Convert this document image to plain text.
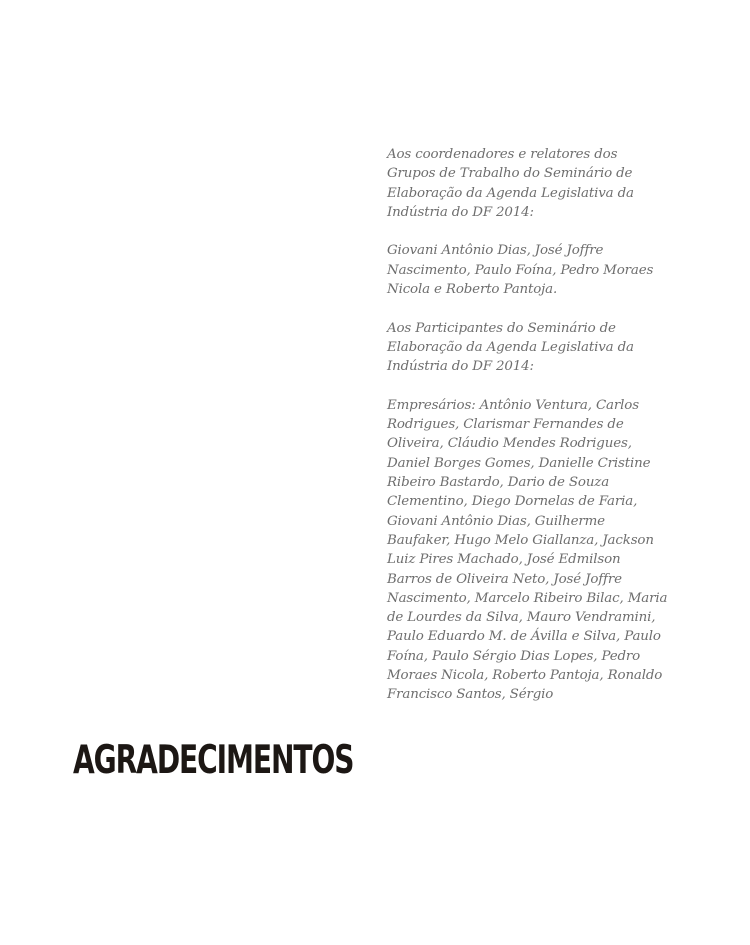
Aos coordenadores e relatores dos Grupos de Trabalho do Seminário de Elaboração da Agenda Legislativa da Indústria do DF 2014:

Giovani Antônio Dias, José Joffre Nascimento, Paulo Foína, Pedro Moraes Nicola e Roberto Pantoja.

Aos Participantes do Seminário de Elaboração da Agenda Legislativa da Indústria do DF 2014:

Empresários: Antônio Ventura, Carlos Rodrigues, Clarismar Fernandes de Oliveira, Cláudio Mendes Rodrigues, Daniel Borges Gomes, Danielle Cristine Ribeiro Bastardo, Dario de Souza Clementino, Diego Dornelas de Faria, Giovani Antônio Dias, Guilherme Baufaker, Hugo Melo Giallanza, Jackson Luiz Pires Machado, José Edmilson Barros de Oliveira Neto, José Joffre Nascimento, Marcelo Ribeiro Bilac, Maria de Lourdes da Silva, Mauro Vendramini, Paulo Eduardo M. de Ávilla e Silva, Paulo Foína, Paulo Sérgio Dias Lopes, Pedro Moraes Nicola, Roberto Pantoja, Ronaldo Francisco Santos, Sérgio

AGRADECIMENTOS
